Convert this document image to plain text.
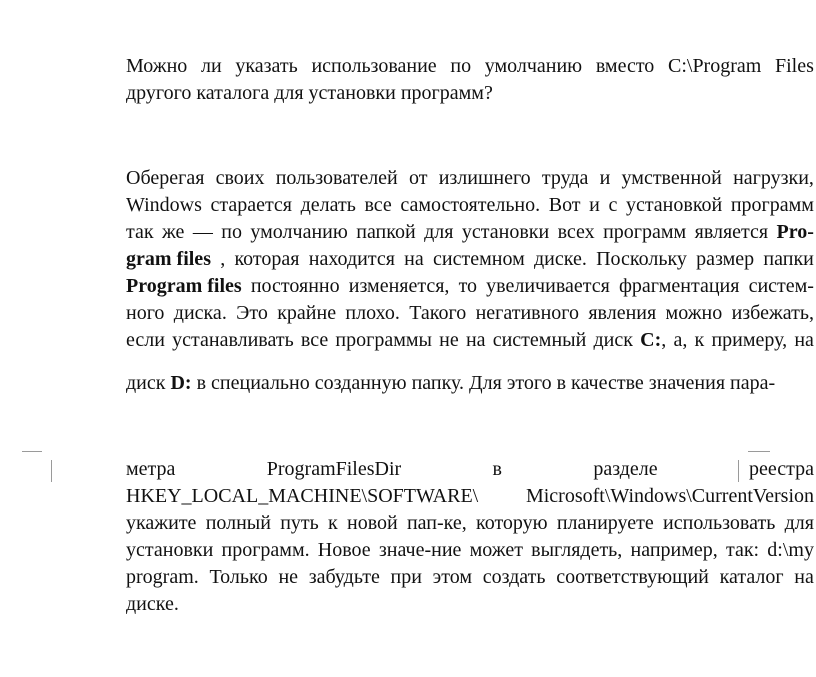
Можно ли указать использование по умолчанию вместо C:\Program Files
другого каталога для установки программ?
Оберегая своих пользователей от излишнего труда и умственной нагрузки,
Windows старается делать все самостоятельно. Вот и с установкой программ
так же — по умолчанию папкой для установки всех программ является Pro-
gram files , которая находится на системном диске. Поскольку размер папки
Program files постоянно изменяется, то увеличивается фрагментация систем-
ного диска. Это крайне плохо. Такого негативного явления можно избежать,
если устанавливать все программы не на системный диск C:, а, к примеру, на
диск D: в специально созданную папку. Для этого в качестве значения пара-
метра	ProgramFilesDir	в	разделе	реестра
HKEY_LOCAL_MACHINE\SOFTWARE\ Microsoft\Windows\CurrentVersion
укажите полный путь к новой пап-ке, которую планируете использовать для
установки программ. Новое значе-ние может выглядеть, например, так: d:\my
program. Только не забудьте при этом создать соответствующий каталог на
диске.
